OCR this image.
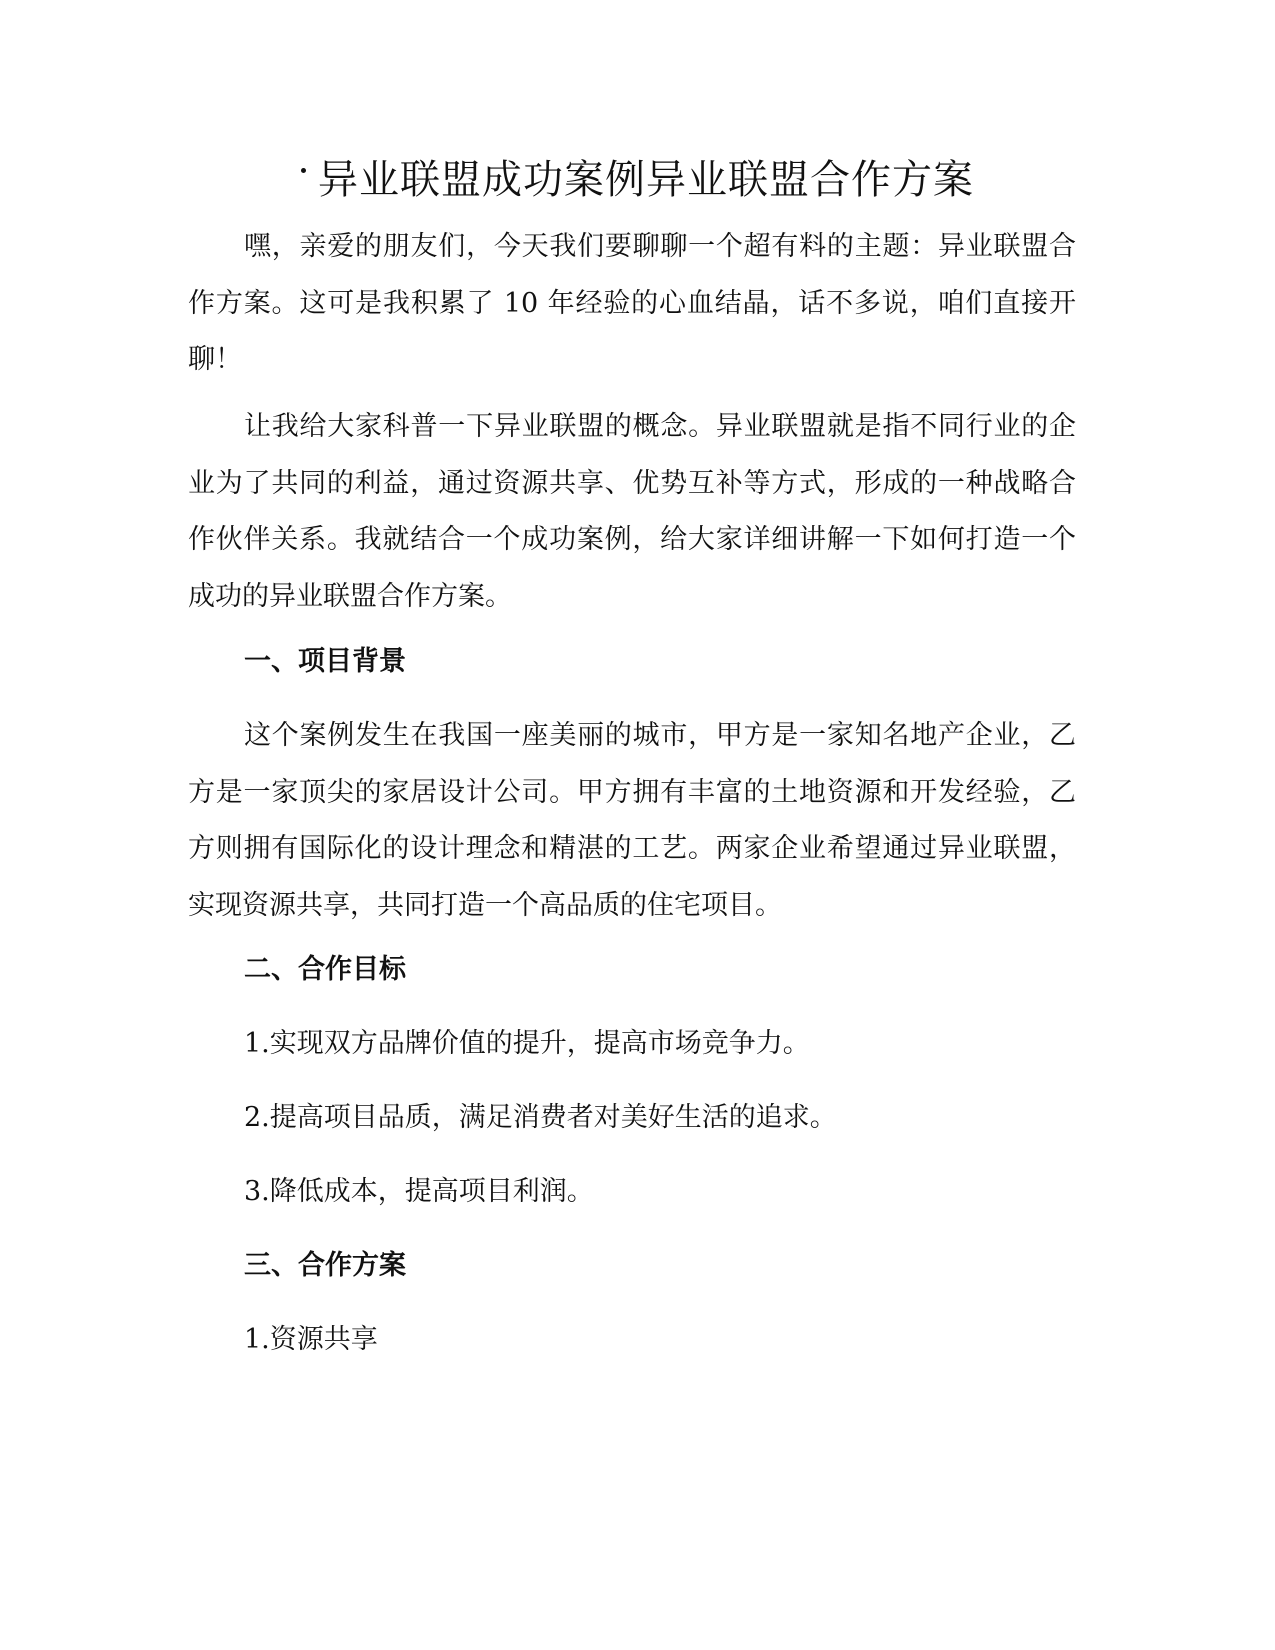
异业联盟成功案例异业联盟合作方案

嘿，亲爱的朋友们，今天我们要聊聊一个超有料的主题：异业联盟合作方案。这可是我积累了 10 年经验的心血结晶，话不多说，咱们直接开聊！

让我给大家科普一下异业联盟的概念。异业联盟就是指不同行业的企业为了共同的利益，通过资源共享、优势互补等方式，形成的一种战略合作伙伴关系。我就结合一个成功案例，给大家详细讲解一下如何打造一个成功的异业联盟合作方案。

一、项目背景

这个案例发生在我国一座美丽的城市，甲方是一家知名地产企业，乙方是一家顶尖的家居设计公司。甲方拥有丰富的土地资源和开发经验，乙方则拥有国际化的设计理念和精湛的工艺。两家企业希望通过异业联盟，实现资源共享，共同打造一个高品质的住宅项目。

二、合作目标

1.实现双方品牌价值的提升，提高市场竞争力。

2.提高项目品质，满足消费者对美好生活的追求。

3.降低成本，提高项目利润。

三、合作方案

1.资源共享
